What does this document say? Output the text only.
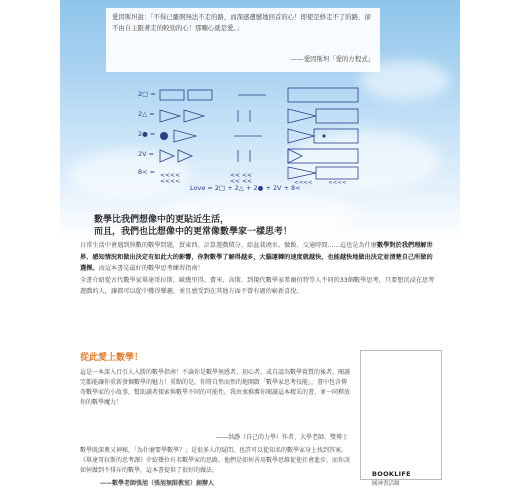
愛因斯坦說：「不得已離開無法不走的路，而深感遺憾地回首的心！即使是修走不了的路，卻不由自主跟著走的較勁的心！那顆心就是愛。」

——愛因斯坦「愛的方程式」
2□ =
2△ =
2● =
2V =
8< = <<<<
<<<<
<< <<
<< <<	<<<<	<<<<
Love = 2□ + 2△ + 2● + 2V + 8<
數學比我們想像中的更貼近生活，
而且，我們也比想像中的更常像數學家一樣思考！

日常生活中會遇到無數的數學問題，買東西、計算遊戲積分、給盆栽澆水、做飯、交通時間……這也是為什麼數學對於我們理解世界、感知情況和做出決定有如此大的影響，你對數學了解得越多，大腦運轉的速度就越快，也能越快地做出決定並清楚自己所做的選擇。而這本書是最好的數學思考練習指南！
全書介紹從古代數學家畢達哥拉斯、歐幾里得、費米、高斯，到現代數學家希爾伯特等人不同的33個數學思考，只要想沉浸在思考遊戲的人，讓都可以從中獲得樂趣，並且感受到在其他方面不曾有過的嶄新喜悅。

從此愛上數學！

這是一本深入且引人入勝的數學指南！不論你是數學無感者、初心者，或自認為數學資質的後者，閱讀完都能讓你重新發掘數學的魅力！重點的是，你將自然而然的地開啟「數學家思考技能」，書中包含傳奇數學家的小故事，幫助讀者探索與數學不同的可能性。我由衷推薦你閱讀這本精采的書，並一同釋放你的數學魔力！

——洪瀞（自己的力學）作者、大學老師、雙博士

數學既深奧又神秘，「為什麼要學數學？」是很多人的疑問，也許可以從知名的數學家身上找到答案。《畢達哥拉斯的思考課》介紹幾位有名數學家的思路，他們是如何善用數學思維促使社會進步，而你該如何做到不排斥的數學，這本書提供了很好的做法。

——數學老師張旭（張旭無限教室）創辦人
BOOKLIFE
圓神書活網
